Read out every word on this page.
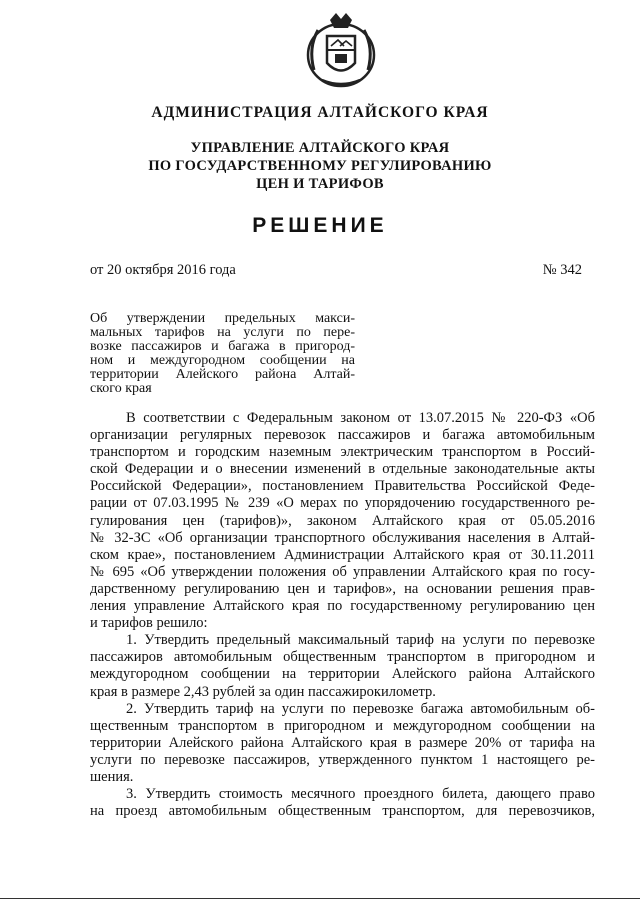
АДМИНИСТРАЦИЯ АЛТАЙСКОГО КРАЯ
УПРАВЛЕНИЕ АЛТАЙСКОГО КРАЯ
ПО ГОСУДАРСТВЕННОМУ РЕГУЛИРОВАНИЮ
ЦЕН И ТАРИФОВ
РЕШЕНИЕ
от 20 октября 2016 года	№ 342
Об утверждении предельных макси-
мальных тарифов на услуги по пере-
возке пассажиров и багажа в пригород-
ном и междугородном сообщении на
территории Алейского района Алтай-
ского края
В соответствии с Федеральным законом от 13.07.2015 № 220-ФЗ «Об
организации регулярных перевозок пассажиров и багажа автомобильным
транспортом и городским наземным электрическим транспортом в Россий-
ской Федерации и о внесении изменений в отдельные законодательные акты
Российской Федерации», постановлением Правительства Российской Феде-
рации от 07.03.1995 № 239 «О мерах по упорядочению государственного ре-
гулирования цен (тарифов)», законом Алтайского края от 05.05.2016
№ 32-ЗС «Об организации транспортного обслуживания населения в Алтай-
ском крае», постановлением Администрации Алтайского края от 30.11.2011
№ 695 «Об утверждении положения об управлении Алтайского края по госу-
дарственному регулированию цен и тарифов», на основании решения прав-
ления управление Алтайского края по государственному регулированию цен
и тарифов решило:
1. Утвердить предельный максимальный тариф на услуги по перевозке
пассажиров автомобильным общественным транспортом в пригородном и
междугородном сообщении на территории Алейского района Алтайского
края в размере 2,43 рублей за один пассажирокилометр.
2. Утвердить тариф на услуги по перевозке багажа автомобильным об-
щественным транспортом в пригородном и междугородном сообщении на
территории Алейского района Алтайского края в размере 20% от тарифа на
услуги по перевозке пассажиров, утвержденного пунктом 1 настоящего ре-
шения.
3. Утвердить стоимость месячного проездного билета, дающего право
на проезд автомобильным общественным транспортом, для перевозчиков,
